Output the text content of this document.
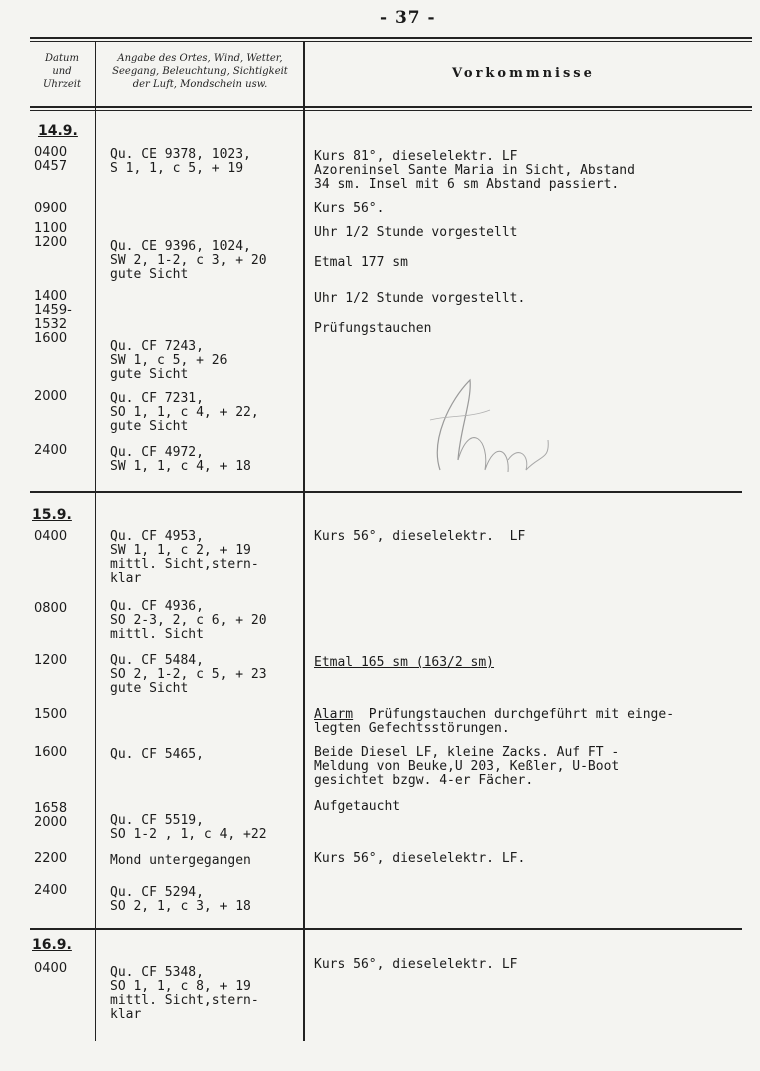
- 37 -
Datum
und
Uhrzeit
Angabe des Ortes, Wind, Wetter,
Seegang, Beleuchtung, Sichtigkeit
der Luft, Mondschein usw.
Vorkommnisse
14.9.
15.9.
16.9.
0400
0457
0900
1100
1200
1400
1459-
1532
1600
2000
2400
0400
0800
1200
1500
1600
1658
2000
2200
2400
0400
Qu. CE 9378, 1023,
S 1, 1, c 5, + 19
Qu. CE 9396, 1024,
SW 2, 1-2, c 3, + 20
gute Sicht
Qu. CF 7243,
SW 1, c 5, + 26
gute Sicht
Qu. CF 7231,
SO 1, 1, c 4, + 22,
gute Sicht
Qu. CF 4972,
SW 1, 1, c 4, + 18
Qu. CF 4953,
SW 1, 1, c 2, + 19
mittl. Sicht,stern-
klar
Qu. CF 4936,
SO 2-3, 2, c 6, + 20
mittl. Sicht
Qu. CF 5484,
SO 2, 1-2, c 5, + 23
gute Sicht
Qu. CF 5465,
Qu. CF 5519,
SO 1-2 , 1, c 4, +22
Mond untergegangen
Qu. CF 5294,
SO 2, 1, c 3, + 18
Qu. CF 5348,
SO 1, 1, c 8, + 19
mittl. Sicht,stern-
klar
Kurs 81°, dieselelektr. LF
Azoreninsel Sante Maria in Sicht, Abstand
34 sm. Insel mit 6 sm Abstand passiert.
Kurs 56°.
Uhr 1/2 Stunde vorgestellt
Etmal 177 sm
Uhr 1/2 Stunde vorgestellt.
Prüfungstauchen
Kurs 56°, dieselelektr.  LF
Etmal 165 sm (163/2 sm)
Alarm  Prüfungstauchen durchgeführt mit einge-
legten Gefechtsstörungen.
Beide Diesel LF, kleine Zacks. Auf FT -
Meldung von Beuke,U 203, Keßler, U-Boot
gesichtet bzgw. 4-er Fächer.
Aufgetaucht
Kurs 56°, dieselelektr. LF.
Kurs 56°, dieselelektr. LF
